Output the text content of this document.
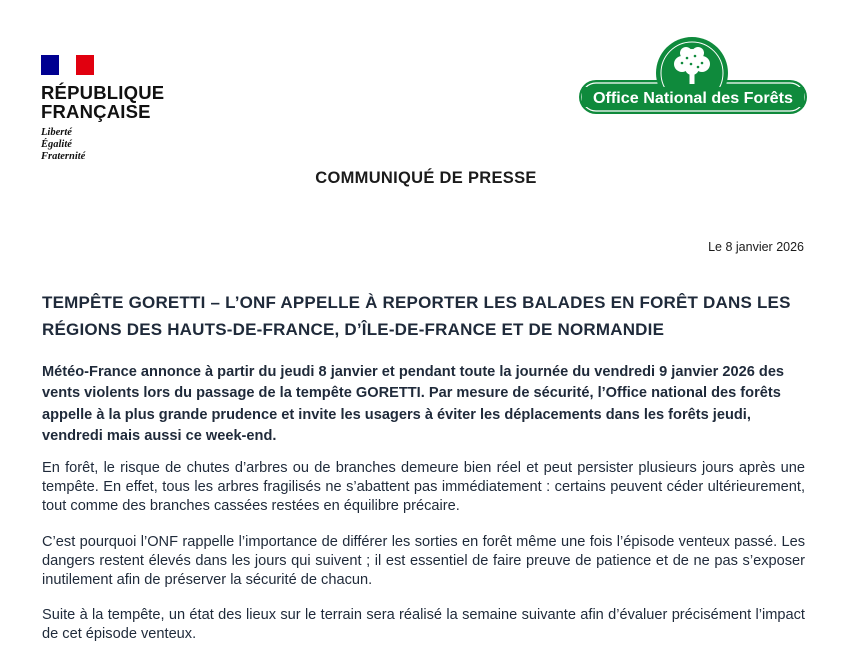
RÉPUBLIQUE
FRANÇAISE
Liberté
Égalité
Fraternité
Office National des Forêts
COMMUNIQUÉ DE PRESSE
Le 8 janvier 2026
TEMPÊTE GORETTI – L’ONF APPELLE À REPORTER LES BALADES EN FORÊT DANS LES RÉGIONS DES HAUTS-DE-FRANCE, D’ÎLE-DE-FRANCE ET DE NORMANDIE
Météo-France annonce à partir du jeudi 8 janvier et pendant toute la journée du vendredi 9 janvier 2026 des vents violents lors du passage de la tempête GORETTI. Par mesure de sécurité, l’Office national des forêts appelle à la plus grande prudence et invite les usagers à éviter les déplacements dans les forêts jeudi, vendredi mais aussi ce week-end.
En forêt, le risque de chutes d’arbres ou de branches demeure bien réel et peut persister plusieurs jours après une tempête. En effet, tous les arbres fragilisés ne s’abattent pas immédiatement : certains peuvent céder ultérieurement, tout comme des branches cassées restées en équilibre précaire.
C’est pourquoi l’ONF rappelle l’importance de différer les sorties en forêt même une fois l’épisode venteux passé. Les dangers restent élevés dans les jours qui suivent ; il est essentiel de faire preuve de patience et de ne pas s’exposer inutilement afin de préserver la sécurité de chacun.
Suite à la tempête, un état des lieux sur le terrain sera réalisé la semaine suivante afin d’évaluer précisément l’impact de cet épisode venteux.
